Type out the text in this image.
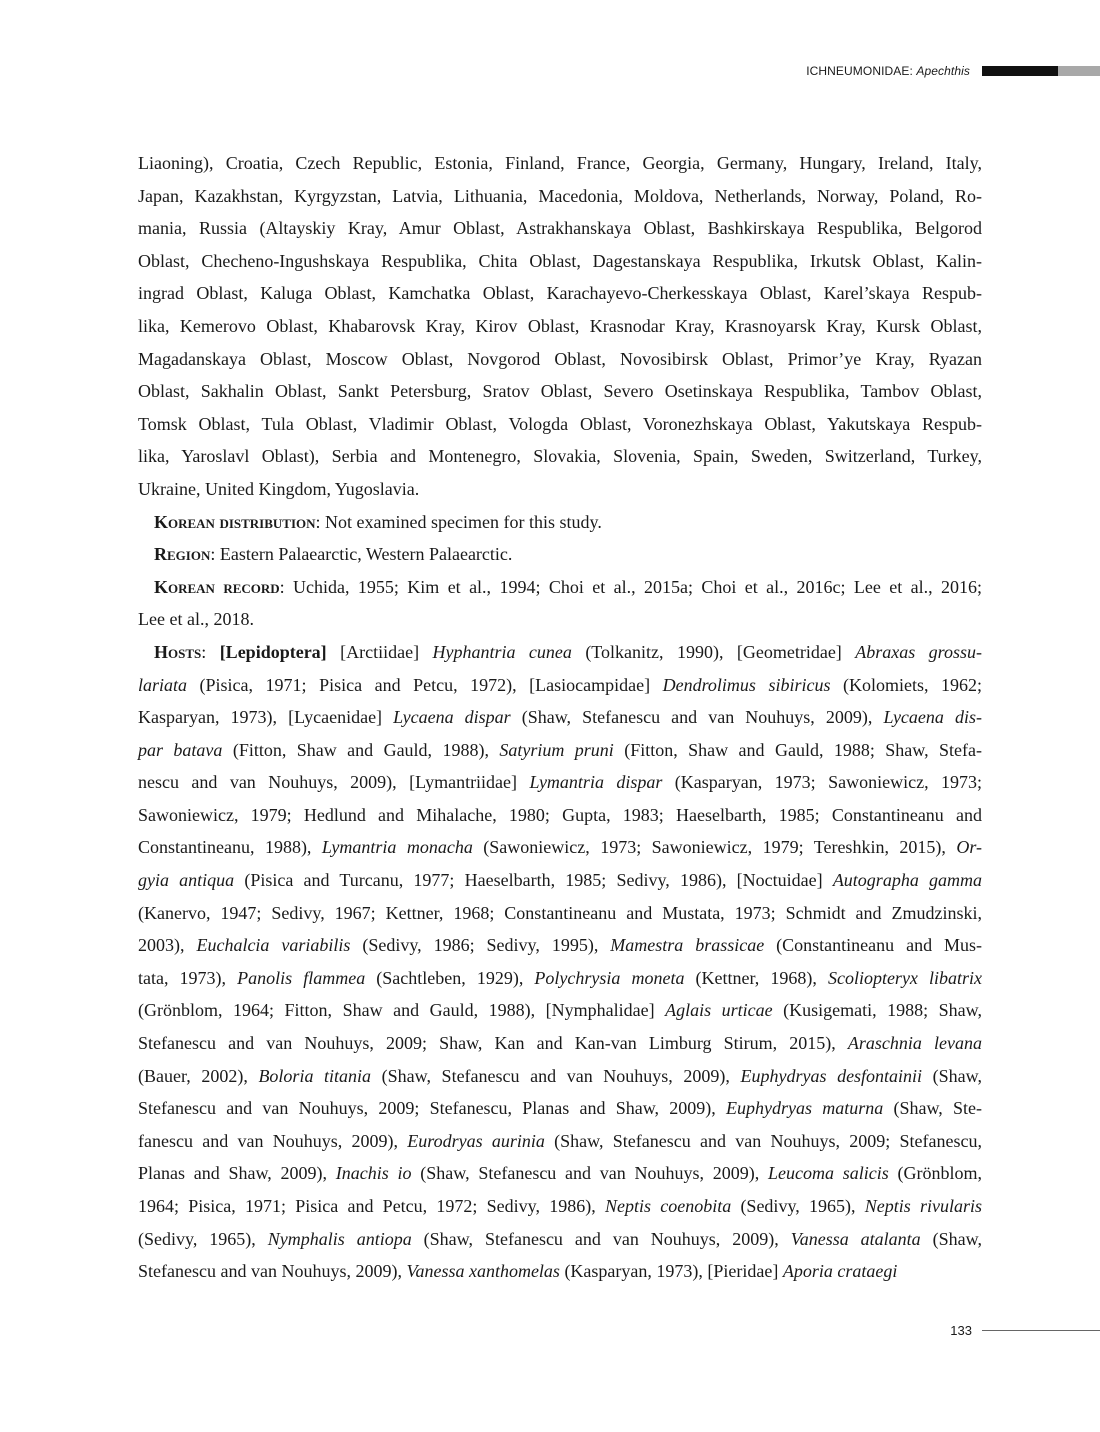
ICHNEUMONIDAE: Apechthis
Liaoning), Croatia, Czech Republic, Estonia, Finland, France, Georgia, Germany, Hungary, Ireland, Italy,
Japan, Kazakhstan, Kyrgyzstan, Latvia, Lithuania, Macedonia, Moldova, Netherlands, Norway, Poland, Ro-
mania, Russia (Altayskiy Kray, Amur Oblast, Astrakhanskaya Oblast, Bashkirskaya Respublika, Belgorod
Oblast, Checheno-Ingushskaya Respublika, Chita Oblast, Dagestanskaya Respublika, Irkutsk Oblast, Kalin-
ingrad Oblast, Kaluga Oblast, Kamchatka Oblast, Karachayevo-Cherkesskaya Oblast, Karel’skaya Respub-
lika, Kemerovo Oblast, Khabarovsk Kray, Kirov Oblast, Krasnodar Kray, Krasnoyarsk Kray, Kursk Oblast,
Magadanskaya Oblast, Moscow Oblast, Novgorod Oblast, Novosibirsk Oblast, Primor’ye Kray, Ryazan
Oblast, Sakhalin Oblast, Sankt Petersburg, Sratov Oblast, Severo Osetinskaya Respublika, Tambov Oblast,
Tomsk Oblast, Tula Oblast, Vladimir Oblast, Vologda Oblast, Voronezhskaya Oblast, Yakutskaya Respub-
lika, Yaroslavl Oblast), Serbia and Montenegro, Slovakia, Slovenia, Spain, Sweden, Switzerland, Turkey,
Ukraine, United Kingdom, Yugoslavia.
Korean distribution: Not examined specimen for this study.
Region: Eastern Palaearctic, Western Palaearctic.
Korean record: Uchida, 1955; Kim et al., 1994; Choi et al., 2015a; Choi et al., 2016c; Lee et al., 2016;
Lee et al., 2018.
Hosts: [Lepidoptera] [Arctiidae] Hyphantria cunea (Tolkanitz, 1990), [Geometridae] Abraxas grossu-
lariata (Pisica, 1971; Pisica and Petcu, 1972), [Lasiocampidae] Dendrolimus sibiricus (Kolomiets, 1962;
Kasparyan, 1973), [Lycaenidae] Lycaena dispar (Shaw, Stefanescu and van Nouhuys, 2009), Lycaena dis-
par batava (Fitton, Shaw and Gauld, 1988), Satyrium pruni (Fitton, Shaw and Gauld, 1988; Shaw, Stefa-
nescu and van Nouhuys, 2009), [Lymantriidae] Lymantria dispar (Kasparyan, 1973; Sawoniewicz, 1973;
Sawoniewicz, 1979; Hedlund and Mihalache, 1980; Gupta, 1983; Haeselbarth, 1985; Constantineanu and
Constantineanu, 1988), Lymantria monacha (Sawoniewicz, 1973; Sawoniewicz, 1979; Tereshkin, 2015), Or-
gyia antiqua (Pisica and Turcanu, 1977; Haeselbarth, 1985; Sedivy, 1986), [Noctuidae] Autographa gamma
(Kanervo, 1947; Sedivy, 1967; Kettner, 1968; Constantineanu and Mustata, 1973; Schmidt and Zmudzinski,
2003), Euchalcia variabilis (Sedivy, 1986; Sedivy, 1995), Mamestra brassicae (Constantineanu and Mus-
tata, 1973), Panolis flammea (Sachtleben, 1929), Polychrysia moneta (Kettner, 1968), Scoliopteryx libatrix
(Grönblom, 1964; Fitton, Shaw and Gauld, 1988), [Nymphalidae] Aglais urticae (Kusigemati, 1988; Shaw,
Stefanescu and van Nouhuys, 2009; Shaw, Kan and Kan-van Limburg Stirum, 2015), Araschnia levana
(Bauer, 2002), Boloria titania (Shaw, Stefanescu and van Nouhuys, 2009), Euphydryas desfontainii (Shaw,
Stefanescu and van Nouhuys, 2009; Stefanescu, Planas and Shaw, 2009), Euphydryas maturna (Shaw, Ste-
fanescu and van Nouhuys, 2009), Eurodryas aurinia (Shaw, Stefanescu and van Nouhuys, 2009; Stefanescu,
Planas and Shaw, 2009), Inachis io (Shaw, Stefanescu and van Nouhuys, 2009), Leucoma salicis (Grönblom,
1964; Pisica, 1971; Pisica and Petcu, 1972; Sedivy, 1986), Neptis coenobita (Sedivy, 1965), Neptis rivularis
(Sedivy, 1965), Nymphalis antiopa (Shaw, Stefanescu and van Nouhuys, 2009), Vanessa atalanta (Shaw,
Stefanescu and van Nouhuys, 2009), Vanessa xanthomelas (Kasparyan, 1973), [Pieridae] Aporia crataegi
133
